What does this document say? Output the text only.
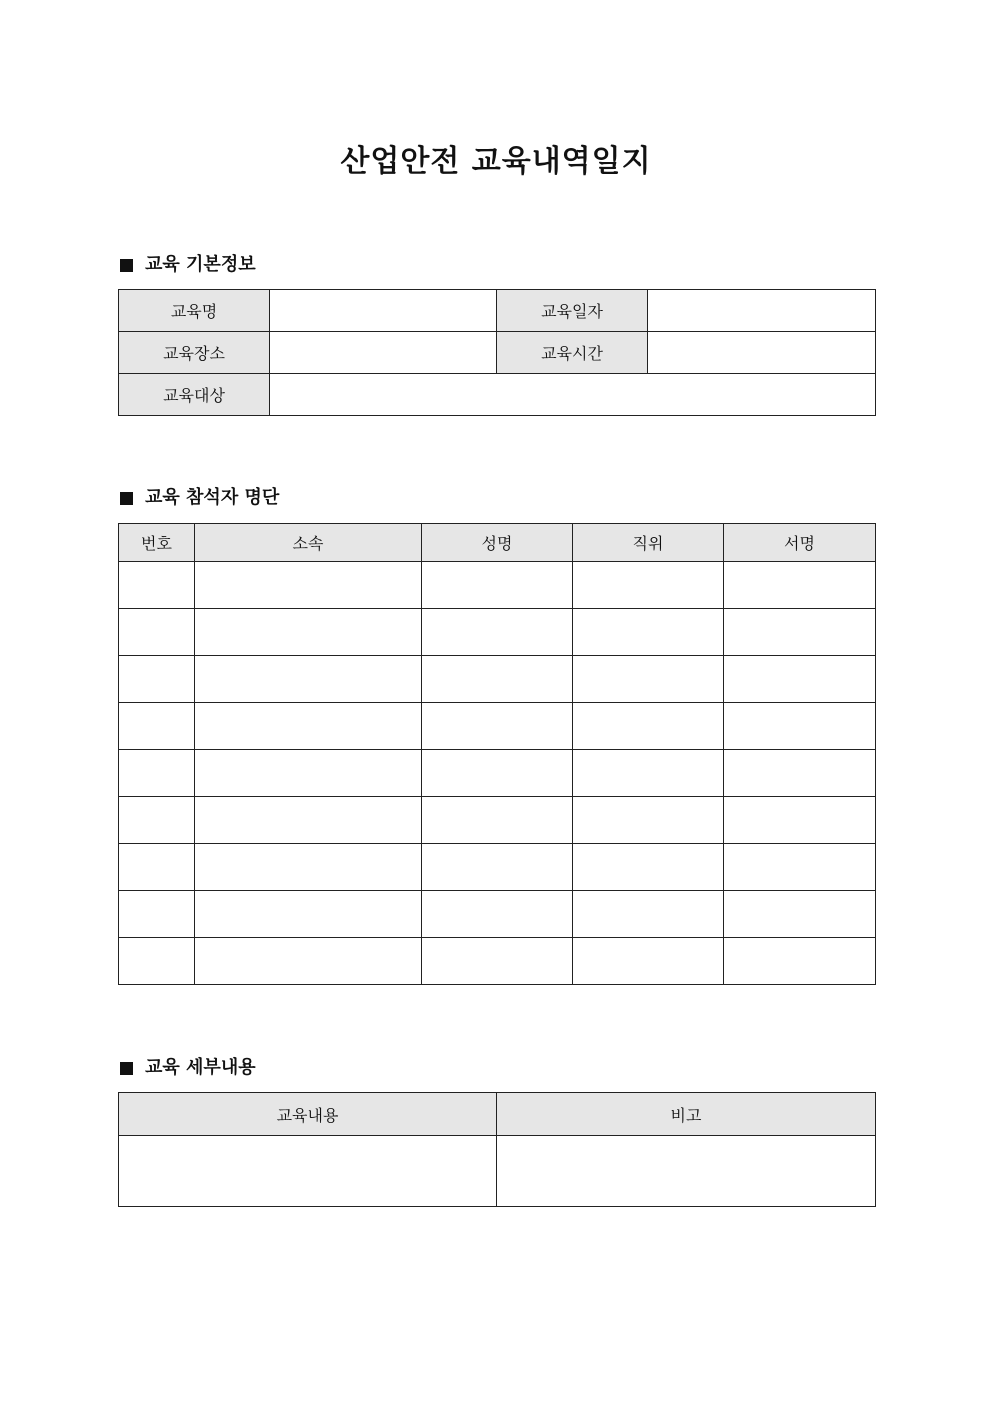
산업안전 교육내역일지
교육 기본정보
교육명		교육일자	
교육장소		교육시간	
교육대상			
교육 참석자 명단
번호	소속	성명	직위	서명

교육 세부내용
교육내용	비고
